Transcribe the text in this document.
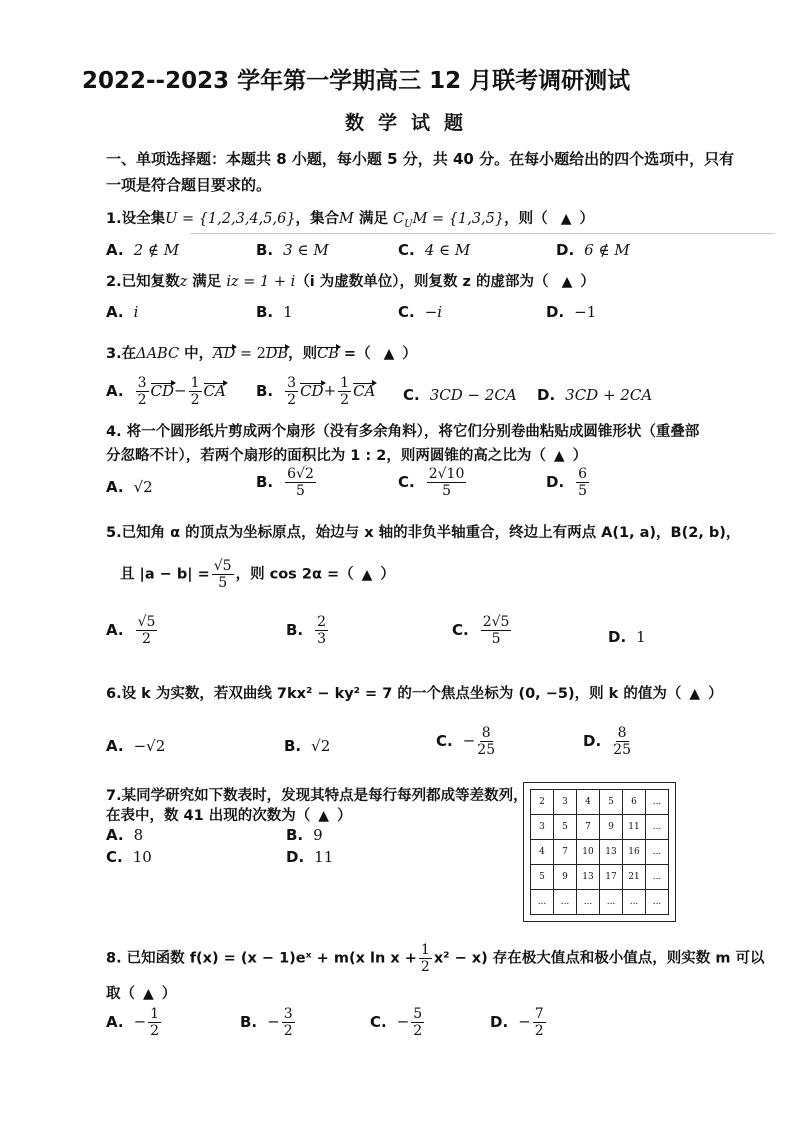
2022--2023 学年第一学期高三 12 月联考调研测试
数学试题
一、单项选择题：本题共 8 小题，每小题 5 分，共 40 分。在每小题给出的四个选项中，只有
一项是符合题目要求的。
1.设全集U = {1,2,3,4,5,6}，集合M 满足 $C_UM = \{1,3,5\}$，则（ ▲ ）
A. 2 ∉ M	B. 3 ∈ M	C. 4 ∈ M	D. 6 ∉ M
2.已知复数z 满足 iz = 1 + i（i 为虚数单位），则复数 z 的虚部为（ ▲ ）
A. i	B. 1	C. −i	D. −1
3.在ΔABC 中，AD = 2DB，则CB =（ ▲ ）
A. $\frac{3}{2} CD- \frac{1}{2}$ CA B. $\frac{3}{2} CD+ \frac{1}{2}$ CA C. 3CD − 2CA D. 3CD + 2CA
4. 将一个圆形纸片剪成两个扇形（没有多余角料），将它们分别卷曲粘贴成圆锥形状（重叠部
分忽略不计），若两个扇形的面积比为 1 : 2，则两圆锥的高之比为（ ▲ ）
A. √2	B. $\frac{6√2}{5}$	C. $\frac{2√10}{5}$	D. $\frac{6}{5}$
5.已知角 α 的顶点为坐标原点，始边与 x 轴的非负半轴重合，终边上有两点 A(1, a)，B(2, b)，
且 $|a - b| = \frac{√5}{5}$ ，则 cos 2α =（ ▲ ）
A. $\frac{√5}{2}$	B. $\frac{2}{3}$	C. $\frac{2√5}{5}$	D. 1
6.设 k 为实数，若双曲线 7kx² − ky² = 7 的一个焦点坐标为 (0, −5)，则 k 的值为（ ▲ ）
A. −√2	B. √2	C. − $\frac{8}{25}$	D. $\frac{8}{25}$
7.某同学研究如下数表时，发现其特点是每行每列都成等差数列，
在表中，数 41 出现的次数为（ ▲ ）
A. 8	B. 9
C. 10	D. 11
2	3	4	5	6	...
3	5	7	9	11	...
4	7	10	13	16	...
5	9	13	17	21	...
...	...	...	...	...	...
8. 已知函数 f(x) = (x − 1)eˣ + m(x $\ln x + \frac{1}{2} x^2 - x$) 存在极大值点和极小值点，则实数 m 可以
取（ ▲ ）
A. − $\frac{1}{2}$	B. − $\frac{3}{2}$	C. − $\frac{5}{2}$	D. − $\frac{7}{2}$
